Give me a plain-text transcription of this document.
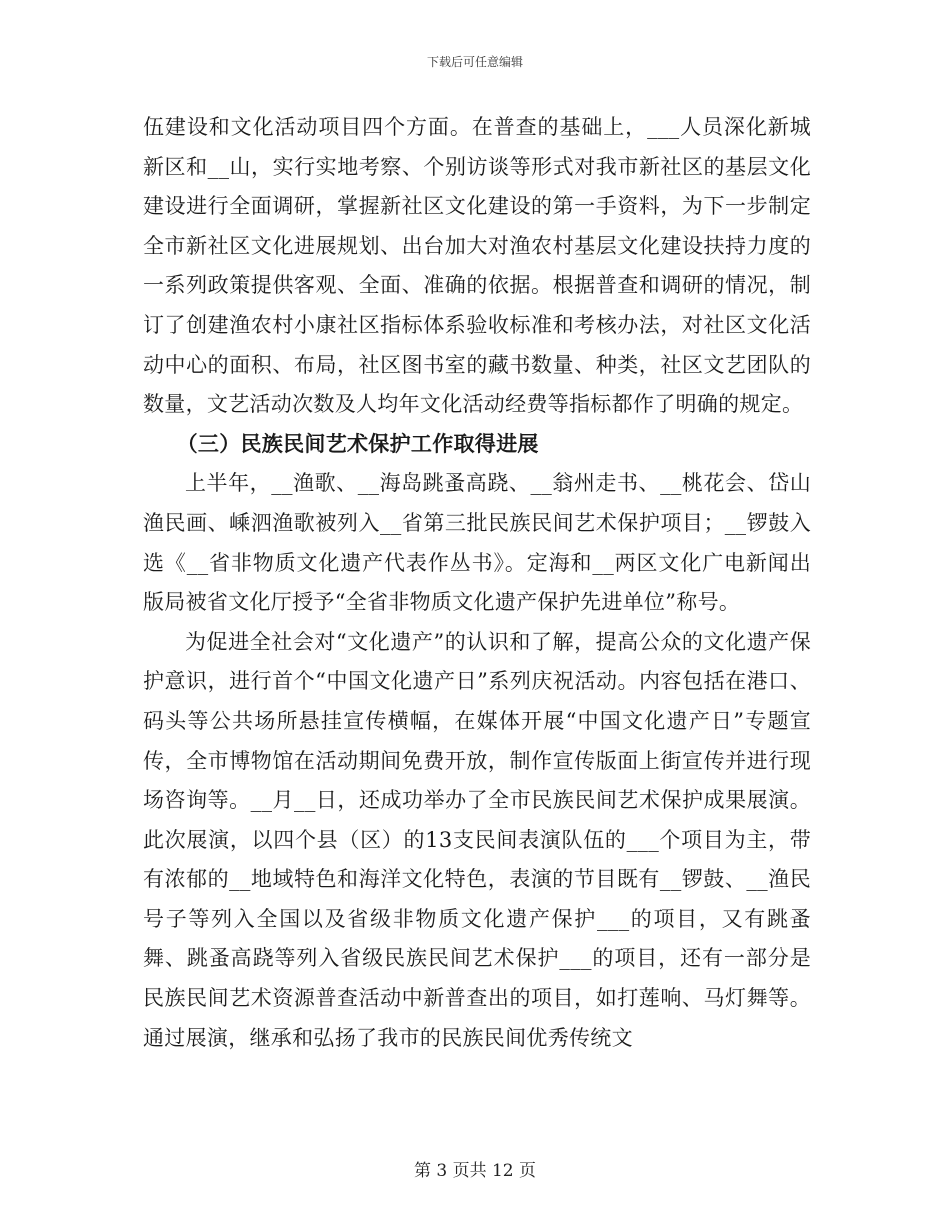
下载后可任意编辑

伍建设和文化活动项目四个方面。在普查的基础上，___人员深化新城新区和__山，实行实地考察、个别访谈等形式对我市新社区的基层文化建设进行全面调研，掌握新社区文化建设的第一手资料，为下一步制定全市新社区文化进展规划、出台加大对渔农村基层文化建设扶持力度的一系列政策提供客观、全面、准确的依据。根据普查和调研的情况，制订了创建渔农村小康社区指标体系验收标准和考核办法，对社区文化活动中心的面积、布局，社区图书室的藏书数量、种类，社区文艺团队的数量，文艺活动次数及人均年文化活动经费等指标都作了明确的规定。

（三）民族民间艺术保护工作取得进展

上半年，__渔歌、__海岛跳蚤高跷、__翁州走书、__桃花会、岱山渔民画、嵊泗渔歌被列入__省第三批民族民间艺术保护项目；__锣鼓入选《__省非物质文化遗产代表作丛书》。定海和__两区文化广电新闻出版局被省文化厅授予“全省非物质文化遗产保护先进单位”称号。

为促进全社会对“文化遗产”的认识和了解，提高公众的文化遗产保护意识，进行首个“中国文化遗产日”系列庆祝活动。内容包括在港口、码头等公共场所悬挂宣传横幅，在媒体开展“中国文化遗产日”专题宣传，全市博物馆在活动期间免费开放，制作宣传版面上街宣传并进行现场咨询等。__月__日，还成功举办了全市民族民间艺术保护成果展演。此次展演，以四个县（区）的13支民间表演队伍的___个项目为主，带有浓郁的__地域特色和海洋文化特色，表演的节目既有__锣鼓、__渔民号子等列入全国以及省级非物质文化遗产保护___的项目，又有跳蚤舞、跳蚤高跷等列入省级民族民间艺术保护___的项目，还有一部分是民族民间艺术资源普查活动中新普查出的项目，如打莲响、马灯舞等。通过展演，继承和弘扬了我市的民族民间优秀传统文

第 3 页共 12 页
